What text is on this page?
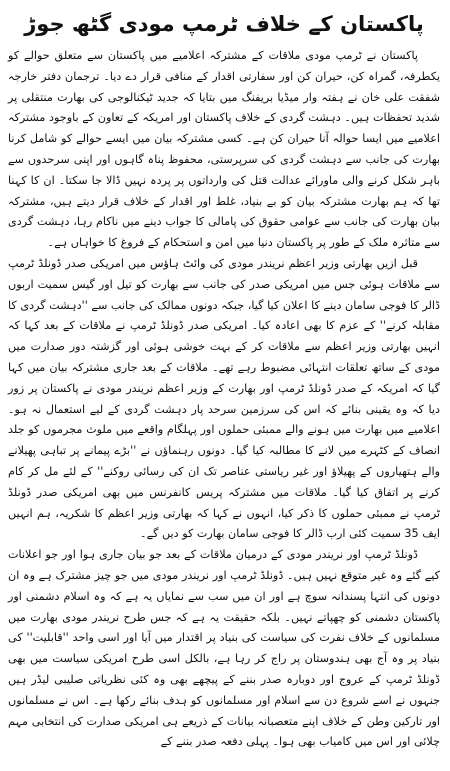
پاکستان کے خلاف ٹرمپ مودی گٹھ جوڑ

پاکستان نے ٹرمپ مودی ملاقات کے مشترکہ اعلامیے میں پاکستان سے متعلق حوالے کو یکطرفہ، گمراہ کن، حیران کن اور سفارتی اقدار کے منافی قرار دے دیا۔ ترجمان دفتر خارجہ شفقت علی خان نے ہفتہ وار میڈیا بریفنگ میں بتایا کہ جدید ٹیکنالوجی کی بھارت منتقلی پر شدید تحفظات ہیں۔ دہشت گردی کے خلاف پاکستان اور امریکہ کے تعاون کے باوجود مشترکہ اعلامیے میں ایسا حوالہ آنا حیران کن ہے۔ کسی مشترکہ بیان میں ایسے حوالے کو شامل کرنا بھارت کی جانب سے دہشت گردی کی سرپرستی، محفوظ پناہ گاہوں اور اپنی سرحدوں سے باہر شکل کرنے والی ماورائے عدالت قتل کی وارداتوں پر پردہ نہیں ڈالا جا سکتا۔ ان کا کہنا تھا کہ ہم بھارت مشترکہ بیان کو بے بنیاد، غلط اور اقدار کے خلاف قرار دیتے ہیں، مشترکہ بیان بھارت کی جانب سے عوامی حقوق کی پامالی کا جواب دینے میں ناکام رہا، دہشت گردی سے متاثرہ ملک کے طور پر پاکستان دنیا میں امن و استحکام کے فروغ کا خواہاں ہے۔

قبل ازیں بھارتی وزیر اعظم نریندر مودی کی وائٹ ہاؤس میں امریکی صدر ڈونلڈ ٹرمپ سے ملاقات ہوئی جس میں امریکی صدر کی جانب سے بھارت کو تیل اور گیس سمیت اربوں ڈالر کا فوجی سامان دینے کا اعلان کیا گیا، جبکہ دونوں ممالک کی جانب سے ''دہشت گردی کا مقابلہ کرنے'' کے عزم کا بھی اعادہ کیا۔ امریکی صدر ڈونلڈ ٹرمپ نے ملاقات کے بعد کہا کہ انہیں بھارتی وزیر اعظم سے ملاقات کر کے بہت خوشی ہوئی اور گزشتہ دور صدارت میں مودی کے ساتھ تعلقات انتہائی مضبوط رہے تھے۔ ملاقات کے بعد جاری مشترکہ بیان میں کہا گیا کہ امریکہ کے صدر ڈونلڈ ٹرمپ اور بھارت کے وزیر اعظم نریندر مودی نے پاکستان پر زور دیا کہ وہ یقینی بنائے کہ اس کی سرزمین سرحد پار دہشت گردی کے لیے استعمال نہ ہو۔ اعلامیے میں بھارت میں ہونے والے ممبئی حملوں اور پہلگام واقعے میں ملوث مجرموں کو جلد انصاف کے کٹہرے میں لانے کا مطالبہ کیا گیا۔ دونوں رہنماؤں نے ''بڑے پیمانے پر تباہی پھیلانے والے ہتھیاروں کے پھیلاؤ اور غیر ریاستی عناصر تک ان کی رسائی روکنے'' کے لئے مل کر کام کرنے پر اتفاق کیا گیا۔ ملاقات میں مشترکہ پریس کانفرنس میں بھی امریکی صدر ڈونلڈ ٹرمپ نے ممبئی حملوں کا ذکر کیا، انہوں نے کہا کہ بھارتی وزیر اعظم کا شکریہ، ہم انہیں ایف 35 سمیت کئی ارب ڈالر کا فوجی سامان بھارت کو دیں گے۔

ڈونلڈ ٹرمپ اور نریندر مودی کے درمیان ملاقات کے بعد جو بیان جاری ہوا اور جو اعلانات کیے گئے وہ غیر متوقع نہیں ہیں۔ ڈونلڈ ٹرمپ اور نریندر مودی میں جو چیز مشترک ہے وہ ان دونوں کی انتہا پسندانہ سوچ ہے اور ان میں سب سے نمایاں یہ ہے کہ وہ اسلام دشمنی اور پاکستان دشمنی کو چھپاتے نہیں۔ بلکہ حقیقت یہ ہے کہ جس طرح نریندر مودی بھارت میں مسلمانوں کے خلاف نفرت کی سیاست کی بنیاد پر اقتدار میں آیا اور اسی واحد ''قابلیت'' کی بنیاد پر وہ آج بھی ہندوستان پر راج کر رہا ہے، بالکل اسی طرح امریکی سیاست میں بھی ڈونلڈ ٹرمپ کے عروج اور دوبارہ صدر بننے کے پیچھے بھی وہ کئی نظریاتی صلیبی لیڈر ہیں جنہوں نے اسے شروع دن سے اسلام اور مسلمانوں کو ہدف بنائے رکھا ہے۔ اس نے مسلمانوں اور تارکین وطن کے خلاف اپنے متعصبانہ بیانات کے ذریعے ہی امریکی صدارت کی انتخابی مہم چلائی اور اس میں کامیاب بھی ہوا۔ پہلی دفعہ صدر بننے کے
